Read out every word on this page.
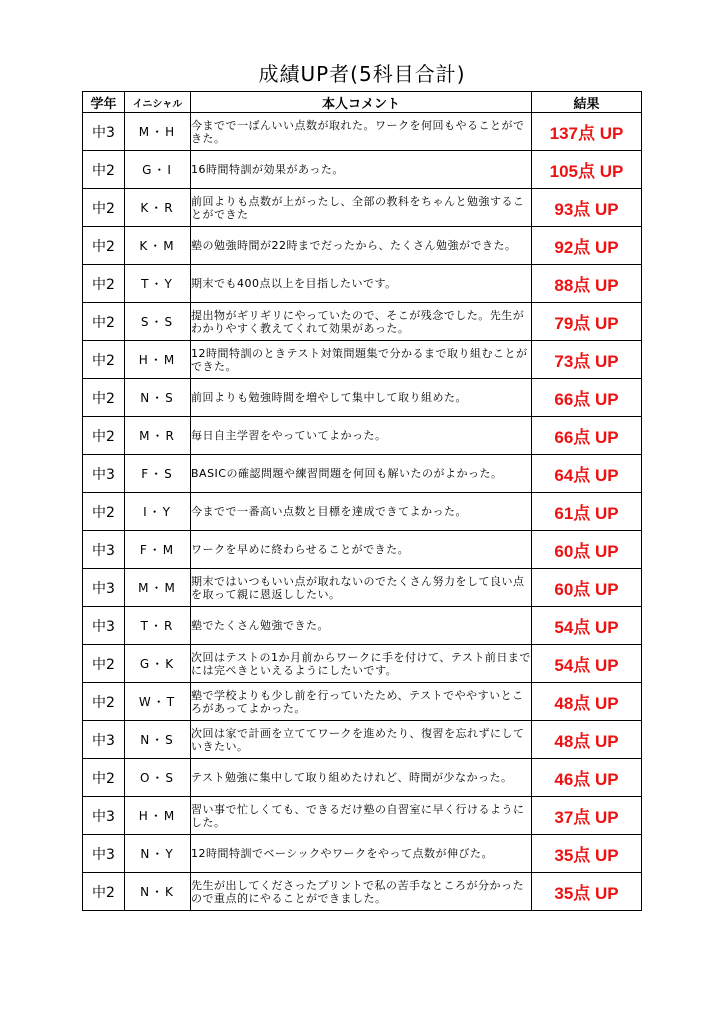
成績UP者(5科目合計)
学年	イニシャル	本人コメント	結果
中3	M・H	今までで一ばんいい点数が取れた。ワークを何回もやることができた。	137点 UP
中2	G・I	16時間特訓が効果があった。	105点 UP
中2	K・R	前回よりも点数が上がったし、全部の教科をちゃんと勉強することができた	93点 UP
中2	K・M	塾の勉強時間が22時までだったから、たくさん勉強ができた。	92点 UP
中2	T・Y	期末でも400点以上を目指したいです。	88点 UP
中2	S・S	提出物がギリギリにやっていたので、そこが残念でした。先生がわかりやすく教えてくれて効果があった。	79点 UP
中2	H・M	12時間特訓のときテスト対策問題集で分かるまで取り組むことができた。	73点 UP
中2	N・S	前回よりも勉強時間を増やして集中して取り組めた。	66点 UP
中2	M・R	毎日自主学習をやっていてよかった。	66点 UP
中3	F・S	BASICの確認問題や練習問題を何回も解いたのがよかった。	64点 UP
中2	I・Y	今までで一番高い点数と目標を達成できてよかった。	61点 UP
中3	F・M	ワークを早めに終わらせることができた。	60点 UP
中3	M・M	期末ではいつもいい点が取れないのでたくさん努力をして良い点を取って親に恩返ししたい。	60点 UP
中3	T・R	塾でたくさん勉強できた。	54点 UP
中2	G・K	次回はテストの1か月前からワークに手を付けて、テスト前日までには完ぺきといえるようにしたいです。	54点 UP
中2	W・T	塾で学校よりも少し前を行っていたため、テストでややすいところがあってよかった。	48点 UP
中3	N・S	次回は家で計画を立ててワークを進めたり、復習を忘れずにしていきたい。	48点 UP
中2	O・S	テスト勉強に集中して取り組めたけれど、時間が少なかった。	46点 UP
中3	H・M	習い事で忙しくても、できるだけ塾の自習室に早く行けるようにした。	37点 UP
中3	N・Y	12時間特訓でベーシックやワークをやって点数が伸びた。	35点 UP
中2	N・K	先生が出してくださったプリントで私の苦手なところが分かったので重点的にやることができました。	35点 UP
